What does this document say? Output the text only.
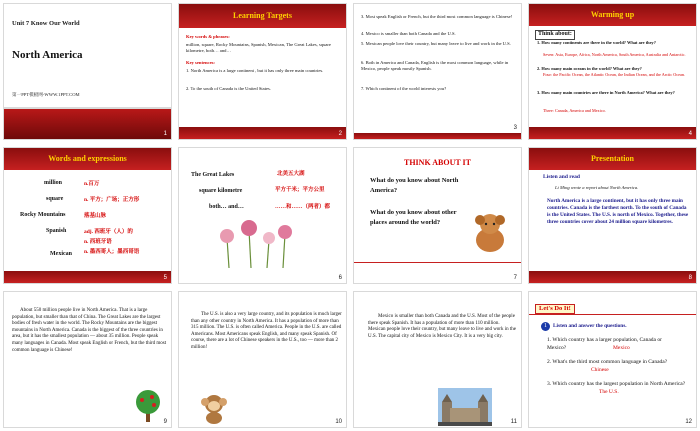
Unit 7 Know Our World
North America
第一PPT模板网-WWW.1PPT.COM
1
Learning Targets
Key words & phrases:
million, square, Rocky Mountains, Spanish, Mexican, The Great Lakes, square kilometre, both… and…
Key sentences:
1. North America is a large continent , but it has only three main countries.
2. To the south of Canada is the United States.
2
3. Most speak English or French, but the third most common language is Chinese!
4. Mexico is smaller than both Canada and the U.S.
5. Mexican people love their country, but many leave to live and work in the U.S.
6. Both in America and Canada, English is the most common language, while in Mexico, people speak mostly Spanish.
7. Which continent of the world interests you?
3
Warming up
Think about:
1. How many continents are there in the world? What are they?
Seven: Asia, Europe, Africa, North America, South America, Australia and Antarctic.
2. How many main oceans in the world? What are they?
Four: the Pacific Ocean, the Atlantic Ocean, the Indian Ocean, and the Arctic Ocean.
3. How many main countries are there in North America? What are they?
Three: Canada, America and Mexico.
4
Words and expressions
million	n.百万
square	n. 平方；广场；正方形
Rocky Mountains	落基山脉
Spanish	adj. 西班牙（人）的
n. 西班牙语
Mexican n. 墨西哥人；墨西哥语
5
The Great Lakes	北美五大湖
square kilometre	平方千米；平方公里
both… and…	……和……（两者）都
6
THINK ABOUT IT
What do you know about North America?
What do you know about other places around the world?
7
Presentation
Listen and read
Li Ming wrote a report about North America.
North America is a large continent, but it has only three main countries. Canada is the farthest north. To the south of Canada is the United States. The U.S. is north of Mexico. Together, these three countries cover about 24 million square kilometres.
8
About 550 million people live in North America. That is a large population, but smaller than that of China. The Great Lakes are the largest bodies of fresh water in the world. The Rocky Mountains are the biggest mountains in North America. Canada is the biggest of the three countries in area, but it has the smallest population — about 35 million. People speak many languages in Canada. Most speak English or French, but the third most common language is Chinese!
9
The U.S. is also a very large country, and its population is much larger than any other country in North America. It has a population of more than 315 million. The U.S. is often called America. People in the U.S. are called Americans. Most Americans speak English, and many speak Spanish. Of course, there are a lot of Chinese speakers in the U.S., too — more than 2 million!
10
Mexico is smaller than both Canada and the U.S. Most of the people there speak Spanish. It has a population of more than 110 million. Mexican people love their country, but many leave to live and work in the U.S. The capital city of Mexico is Mexico City. It is a very big city.
11
Let's Do It!
1	Listen and answer the questions.
1. Which country has a larger population, Canada or Mexico?	Mexico
2. What's the third most common language in Canada?
Chinese
3. Which country has the largest population in North America?
The U.S.
12
